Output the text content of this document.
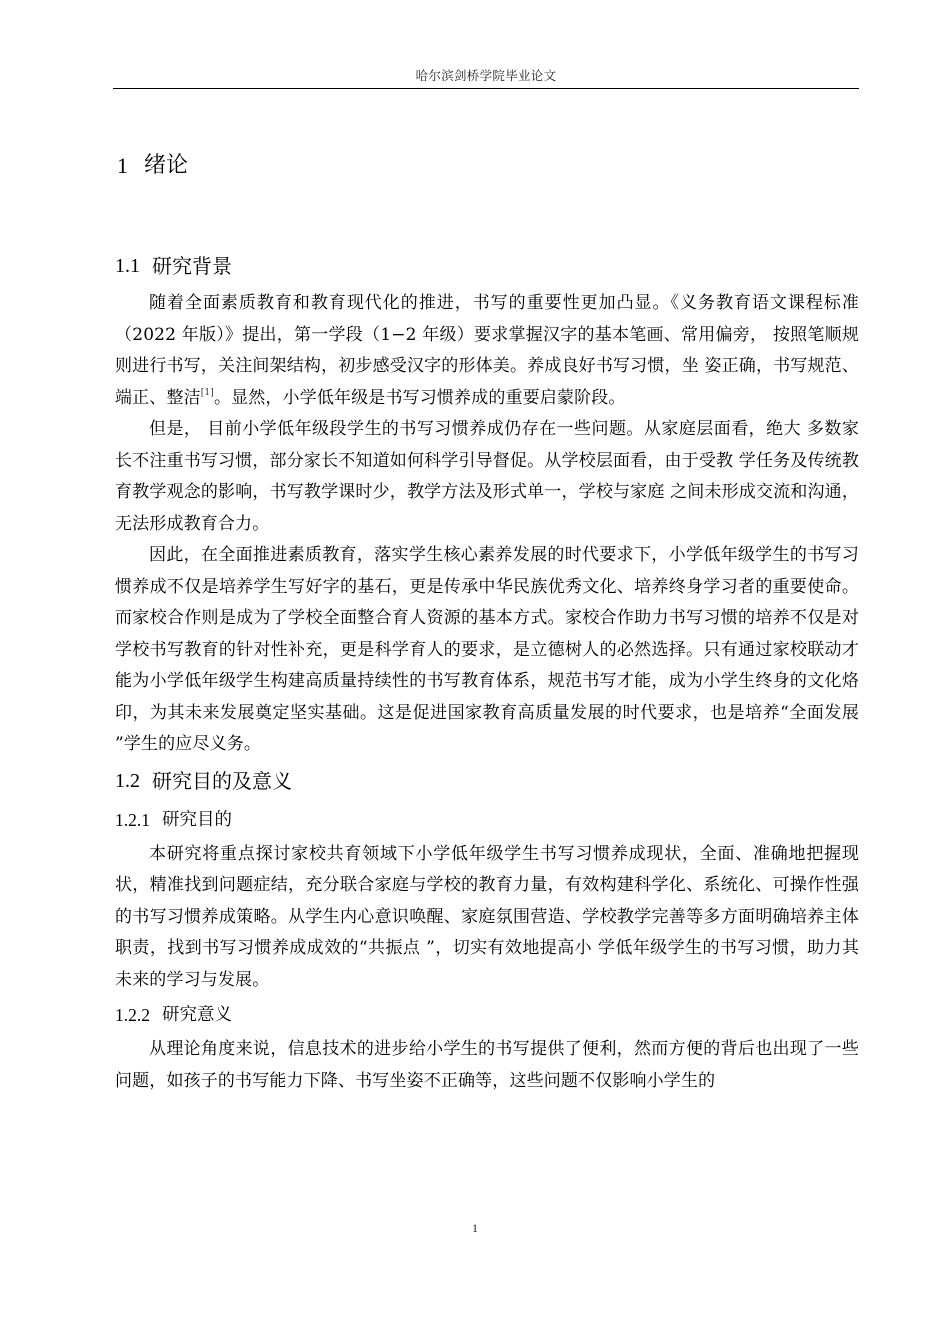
哈尔滨剑桥学院毕业论文
1 绪论
1.1 研究背景

随着全面素质教育和教育现代化的推进，书写的重要性更加凸显。《义务教育语文课程标准（2022 年版）》提出，第一学段（1−2 年级）要求掌握汉字的基本笔画、常用偏旁， 按照笔顺规则进行书写，关注间架结构，初步感受汉字的形体美。养成良好书写习惯，坐 姿正确，书写规范、端正、整洁[1]。显然，小学低年级是书写习惯养成的重要启蒙阶段。

但是， 目前小学低年级段学生的书写习惯养成仍存在一些问题。从家庭层面看，绝大 多数家长不注重书写习惯，部分家长不知道如何科学引导督促。从学校层面看，由于受教 学任务及传统教育教学观念的影响，书写教学课时少，教学方法及形式单一，学校与家庭 之间未形成交流和沟通，无法形成教育合力。

因此，在全面推进素质教育，落实学生核心素养发展的时代要求下，小学低年级学生的书写习惯养成不仅是培养学生写好字的基石，更是传承中华民族优秀文化、培养终身学习者的重要使命。而家校合作则是成为了学校全面整合育人资源的基本方式。家校合作助力书写习惯的培养不仅是对学校书写教育的针对性补充，更是科学育人的要求，是立德树人的必然选择。只有通过家校联动才能为小学低年级学生构建高质量持续性的书写教育体系，规范书写才能，成为小学生终身的文化烙印，为其未来发展奠定坚实基础。这是促进国家教育高质量发展的时代要求，也是培养“全面发展 ”学生的应尽义务。

1.2 研究目的及意义
1.2.1 研究目的

本研究将重点探讨家校共育领域下小学低年级学生书写习惯养成现状，全面、准确地把握现状，精准找到问题症结，充分联合家庭与学校的教育力量，有效构建科学化、系统化、可操作性强的书写习惯养成策略。从学生内心意识唤醒、家庭氛围营造、学校教学完善等多方面明确培养主体职责，找到书写习惯养成成效的“共振点 ”，切实有效地提高小 学低年级学生的书写习惯，助力其未来的学习与发展。

1.2.2 研究意义

从理论角度来说，信息技术的进步给小学生的书写提供了便利，然而方便的背后也出现了一些问题，如孩子的书写能力下降、书写坐姿不正确等，这些问题不仅影响小学生的

1
